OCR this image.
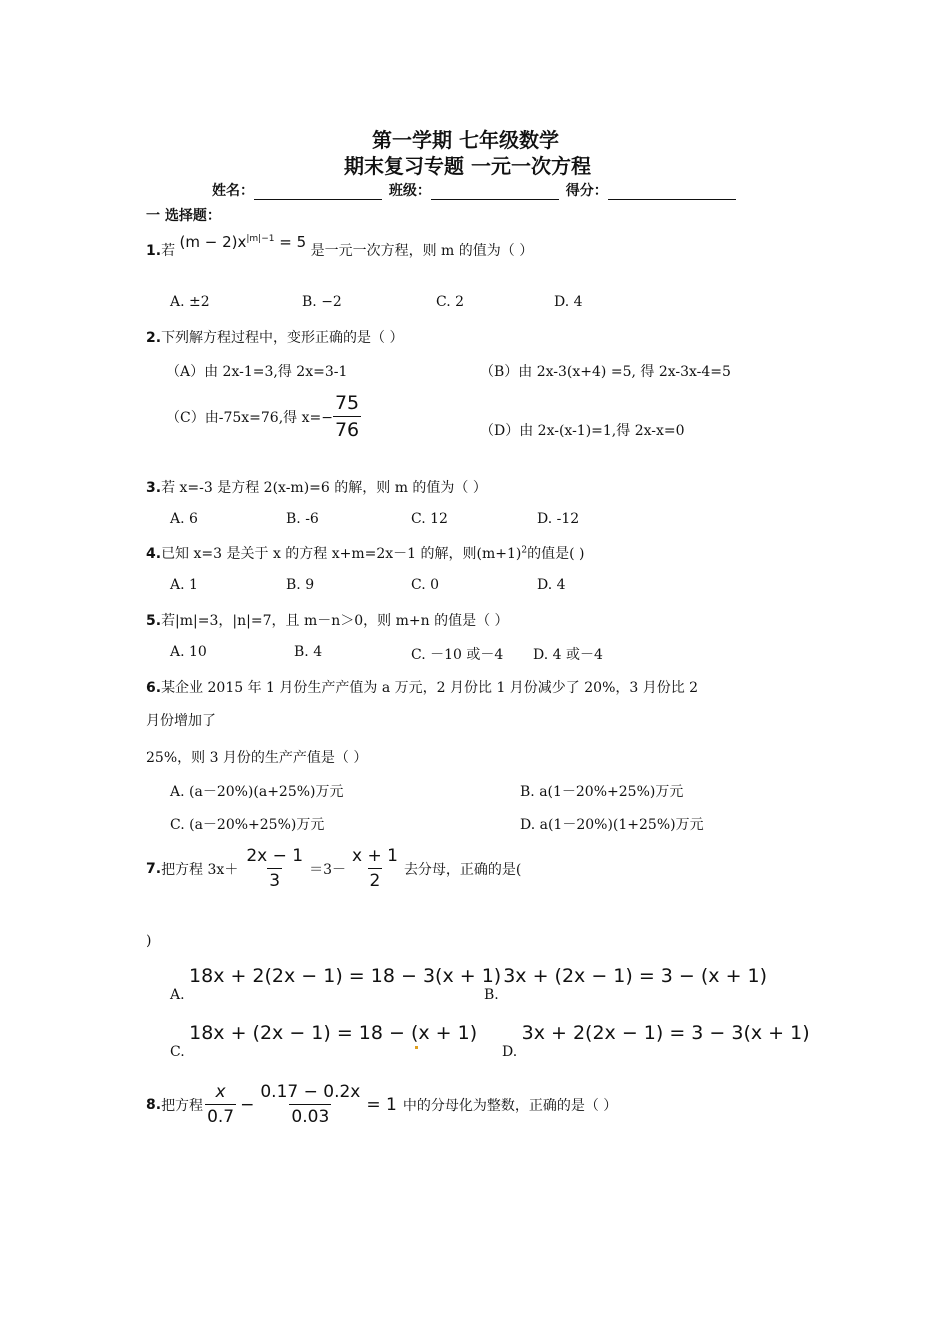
第一学期 七年级数学
期末复习专题 一元一次方程
姓名：	班级：	得分：
一 选择题：
1.若 $(m - 2)x^{|m|-1} = 5$ 是一元一次方程，则 m 的值为（ ）
A. ±2	B. −2	C. 2	D. 4
2.下列解方程过程中，变形正确的是（ ）
（A）由 2x-1=3,得 2x=3-1	（B）由 2x-3(x+4) =5, 得 2x-3x-4=5
（C）由-75x=76,得 $x=- \frac{75}{76}$	（D）由 2x-(x-1)=1,得 2x-x=0
3.若 x=-3 是方程 2(x-m)=6 的解，则 m 的值为（ ）
A. 6	B. -6	C. 12	D. -12
4.已知 x=3 是关于 x 的方程 x+m=2x－1 的解，则$(m+1)^2$的值是( )
A. 1	B. 9	C. 0	D. 4
5.若|m|=3，|n|=7，且 m－n＞0，则 m+n 的值是（ ）
A. 10	B. 4	C. －10 或－4 D. 4 或－4
6.某企业 2015 年 1 月份生产产值为 a 万元，2 月份比 1 月份减少了 20%，3 月份比 2
月份增加了
25%，则 3 月份的生产产值是（ ）
A. (a－20%)(a+25%)万元	B. a(1－20%+25%)万元
C. (a－20%+25%)万元	D. a(1－20%)(1+25%)万元
7. 把方程 $3x+ \frac{2x - 1}{3} =3- \frac{x + 1}{2}$ 去分母，正确的是(
)
A. 18x + 2(2x − 1) = 18 − 3(x + 1)
B. 3x + (2x − 1) = 3 − (x + 1)
C. 18x + (2x − 1) = 18 − (x + 1)
D. 3x + 2(2x − 1) = 3 − 3(x + 1)
8. 把方程 $\frac{x}{0.7} - \frac{0.17 - 0.2x}{0.03} = 1$ 中的分母化为整数，正确的是（ ）
